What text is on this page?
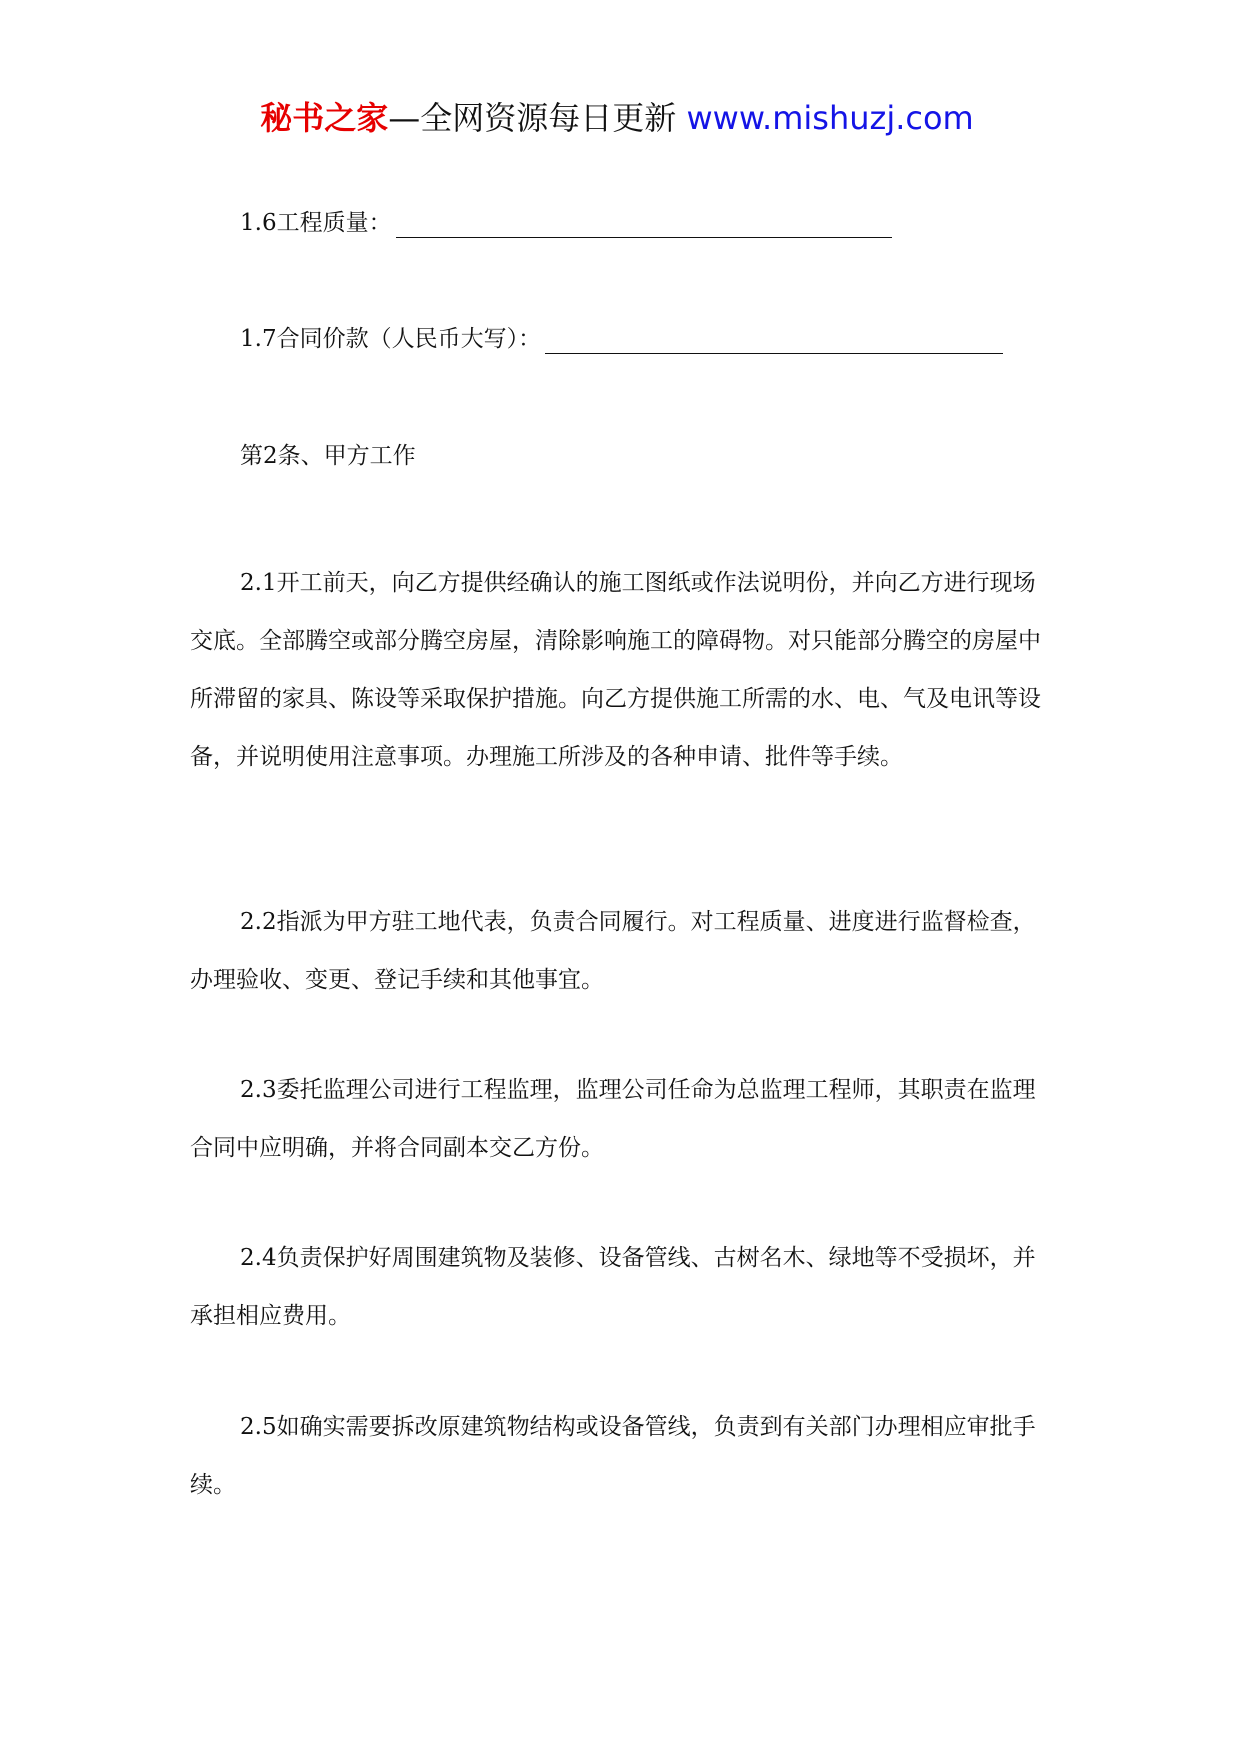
秘书之家—全网资源每日更新 www.mishuzj.com
1.6工程质量：
1.7合同价款（人民币大写）：
第2条、甲方工作

2.1开工前天，向乙方提供经确认的施工图纸或作法说明份，并向乙方进行现场交底。全部腾空或部分腾空房屋，清除影响施工的障碍物。对只能部分腾空的房屋中所滞留的家具、陈设等采取保护措施。向乙方提供施工所需的水、电、气及电讯等设备，并说明使用注意事项。办理施工所涉及的各种申请、批件等手续。

2.2指派为甲方驻工地代表，负责合同履行。对工程质量、进度进行监督检查，办理验收、变更、登记手续和其他事宜。

2.3委托监理公司进行工程监理，监理公司任命为总监理工程师，其职责在监理合同中应明确，并将合同副本交乙方份。

2.4负责保护好周围建筑物及装修、设备管线、古树名木、绿地等不受损坏，并承担相应费用。

2.5如确实需要拆改原建筑物结构或设备管线，负责到有关部门办理相应审批手续。
